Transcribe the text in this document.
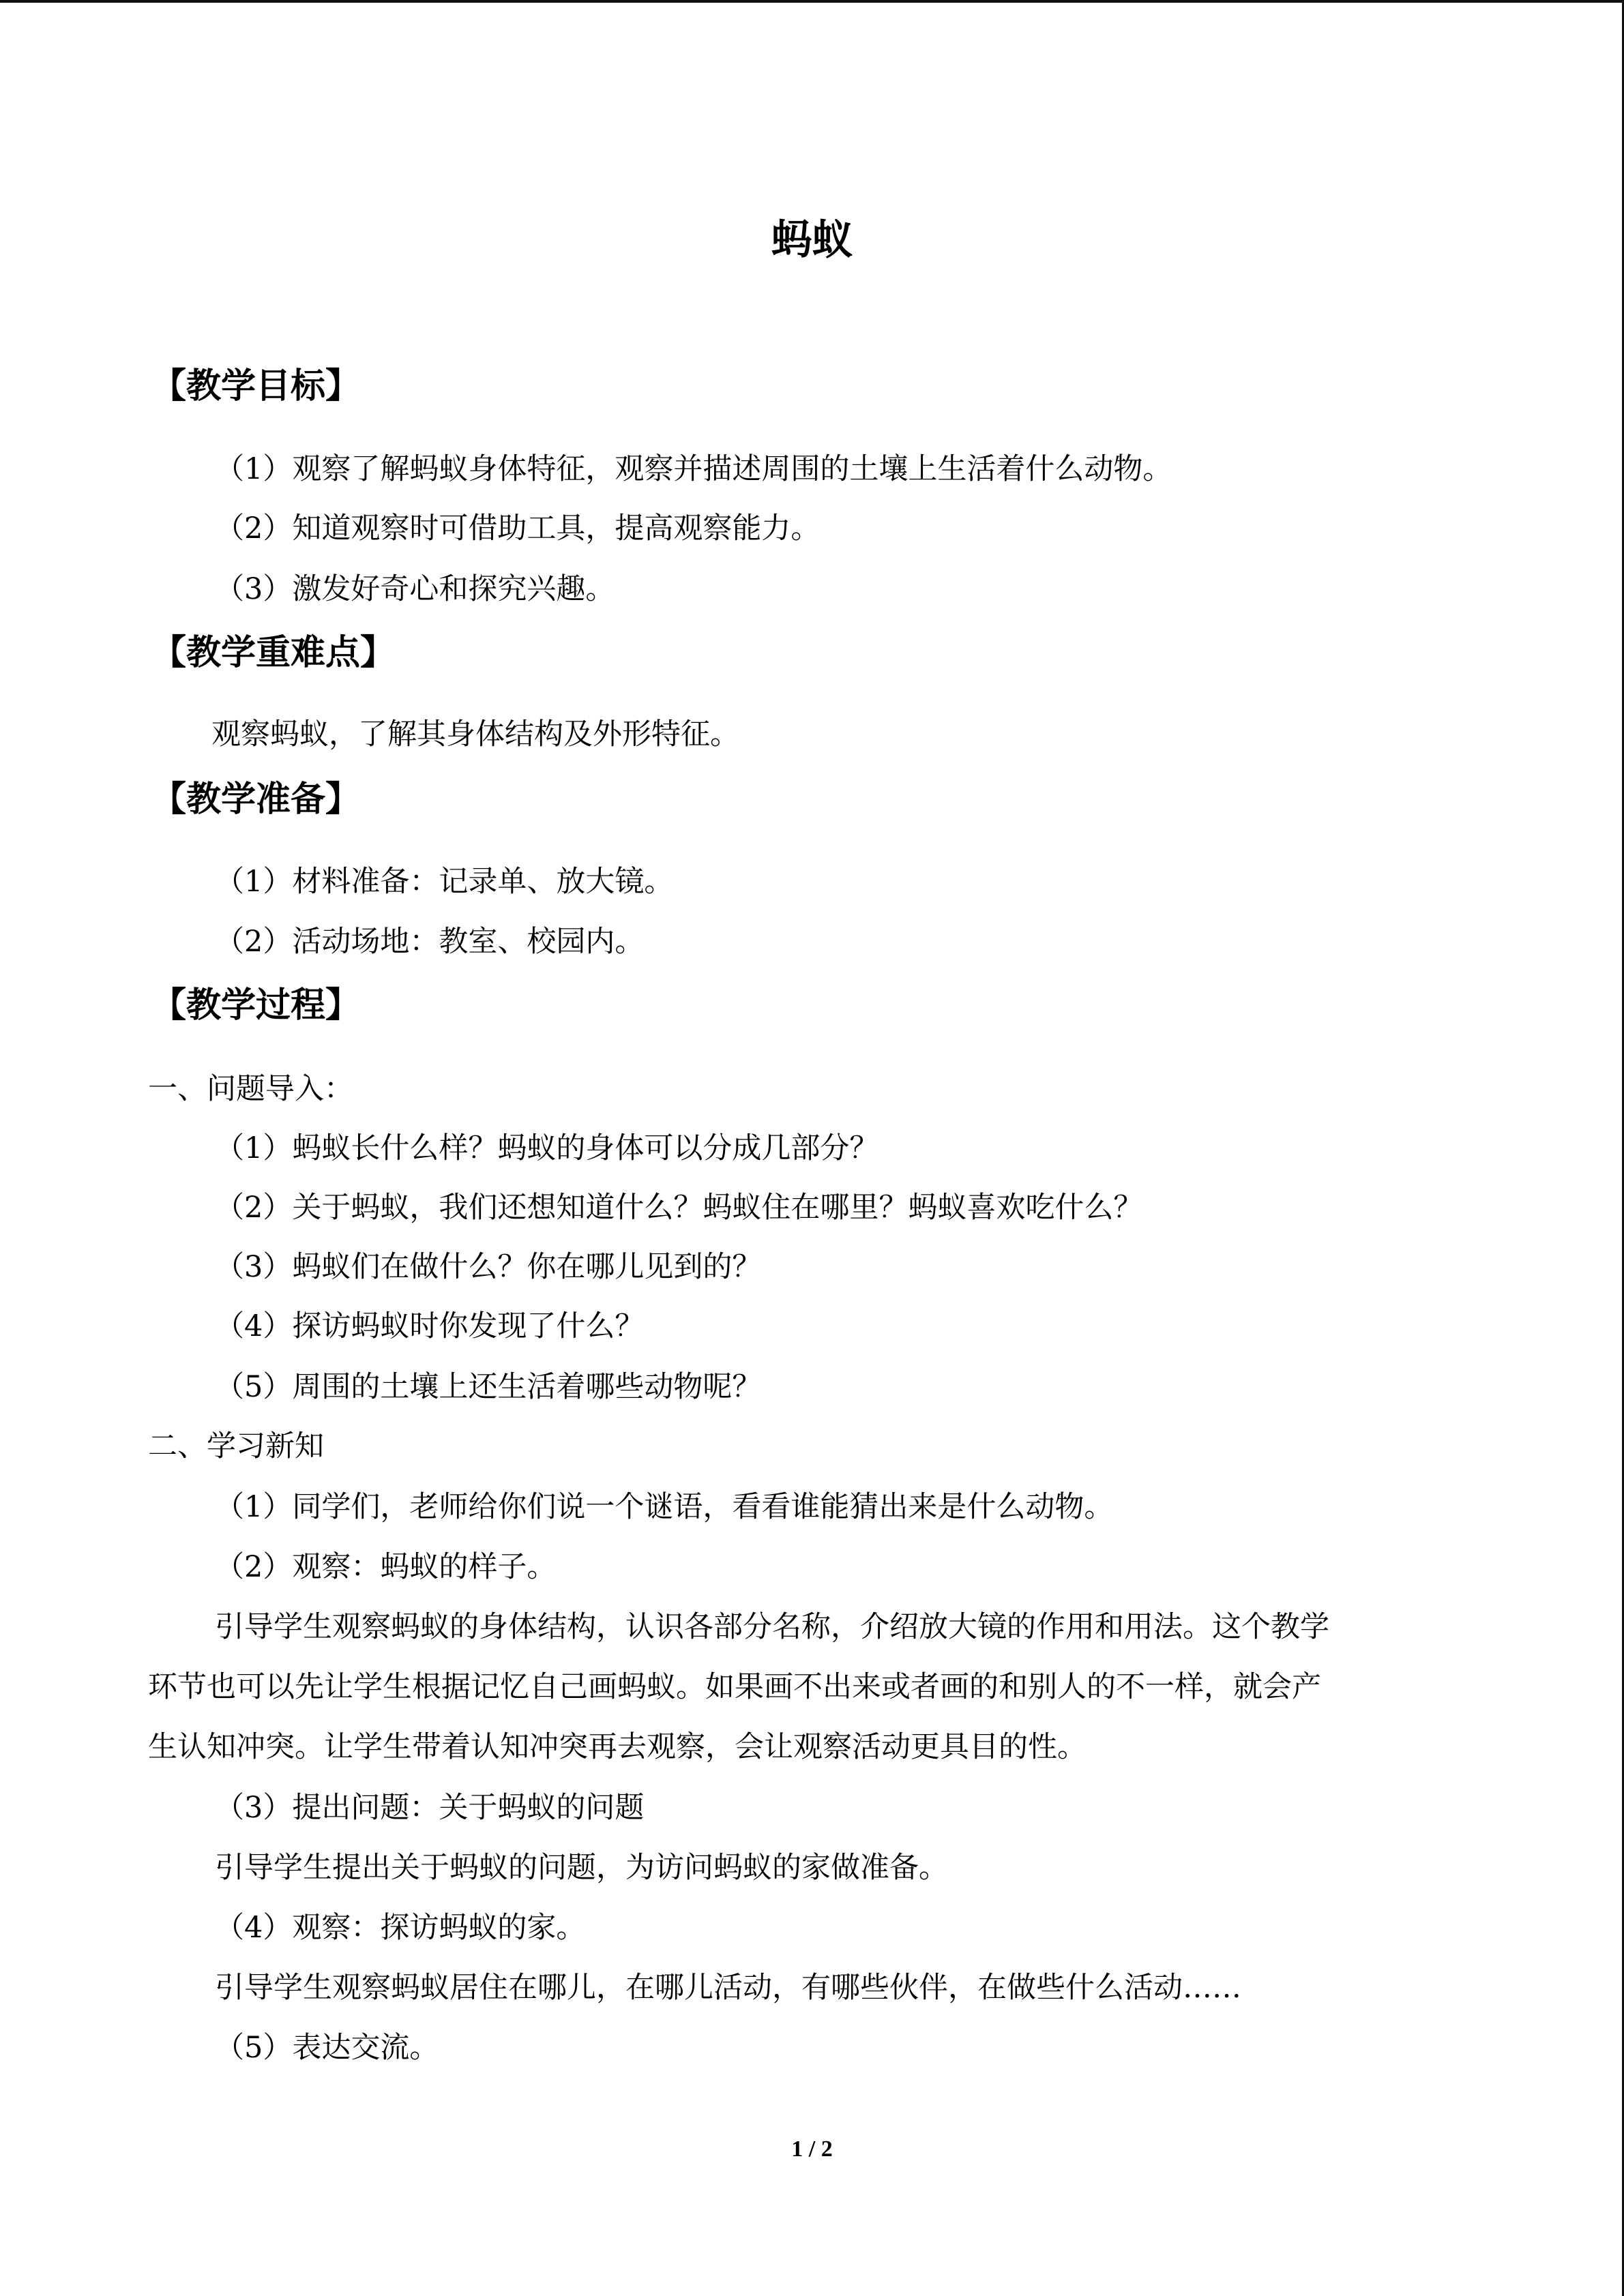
蚂蚁
【教学目标】
（1）观察了解蚂蚁身体特征，观察并描述周围的土壤上生活着什么动物。
（2）知道观察时可借助工具，提高观察能力。
（3）激发好奇心和探究兴趣。
【教学重难点】
观察蚂蚁，了解其身体结构及外形特征。
【教学准备】
（1）材料准备：记录单、放大镜。
（2）活动场地：教室、校园内。
【教学过程】
一、问题导入：
（1）蚂蚁长什么样？蚂蚁的身体可以分成几部分？
（2）关于蚂蚁，我们还想知道什么？蚂蚁住在哪里？蚂蚁喜欢吃什么？
（3）蚂蚁们在做什么？你在哪儿见到的？
（4）探访蚂蚁时你发现了什么？
（5）周围的土壤上还生活着哪些动物呢？
二、学习新知
（1）同学们，老师给你们说一个谜语，看看谁能猜出来是什么动物。
（2）观察：蚂蚁的样子。
引导学生观察蚂蚁的身体结构，认识各部分名称，介绍放大镜的作用和用法。这个教学
环节也可以先让学生根据记忆自己画蚂蚁。如果画不出来或者画的和别人的不一样，就会产
生认知冲突。让学生带着认知冲突再去观察，会让观察活动更具目的性。
（3）提出问题：关于蚂蚁的问题
引导学生提出关于蚂蚁的问题，为访问蚂蚁的家做准备。
（4）观察：探访蚂蚁的家。
引导学生观察蚂蚁居住在哪儿，在哪儿活动，有哪些伙伴，在做些什么活动……
（5）表达交流。
1 / 2
